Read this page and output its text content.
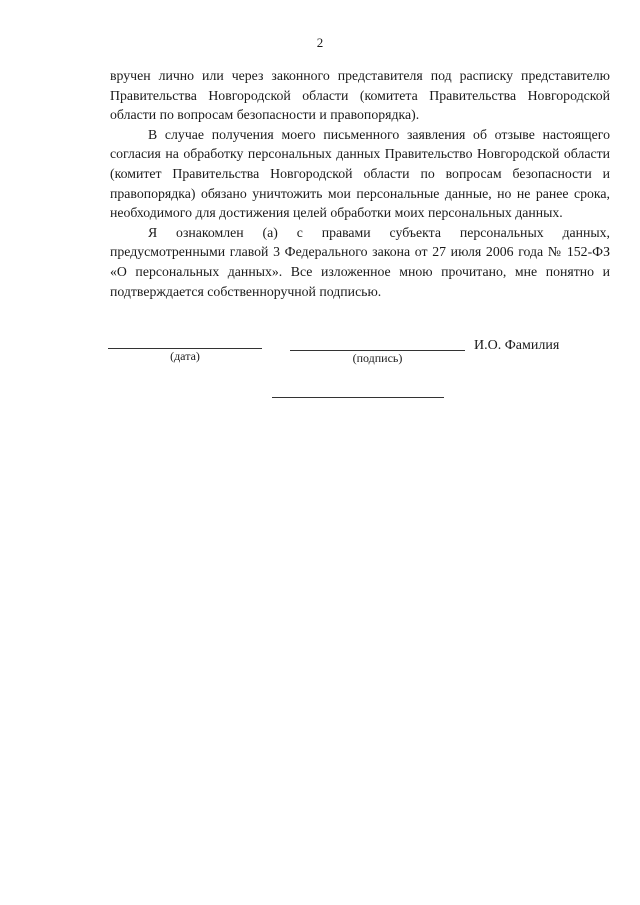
2

вручен лично или через законного представителя под расписку представителю Правительства Новгородской области (комитета Правительства Новгородской области по вопросам безопасности и правопорядка).

В случае получения моего письменного заявления об отзыве настоящего согласия на обработку персональных данных Правительство Новгородской области (комитет Правительства Новгородской области по вопросам безопасности и правопорядка) обязано уничтожить мои персональные данные, но не ранее срока, необходимого для достижения целей обработки моих персональных данных.

Я ознакомлен (а) с правами субъекта персональных данных, предусмотренными главой 3 Федерального закона от 27 июля 2006 года № 152-ФЗ «О персональных данных». Все изложенное мною прочитано, мне понятно и подтверждается собственноручной подписью.

(дата)	(подпись)
И.О. Фамилия
